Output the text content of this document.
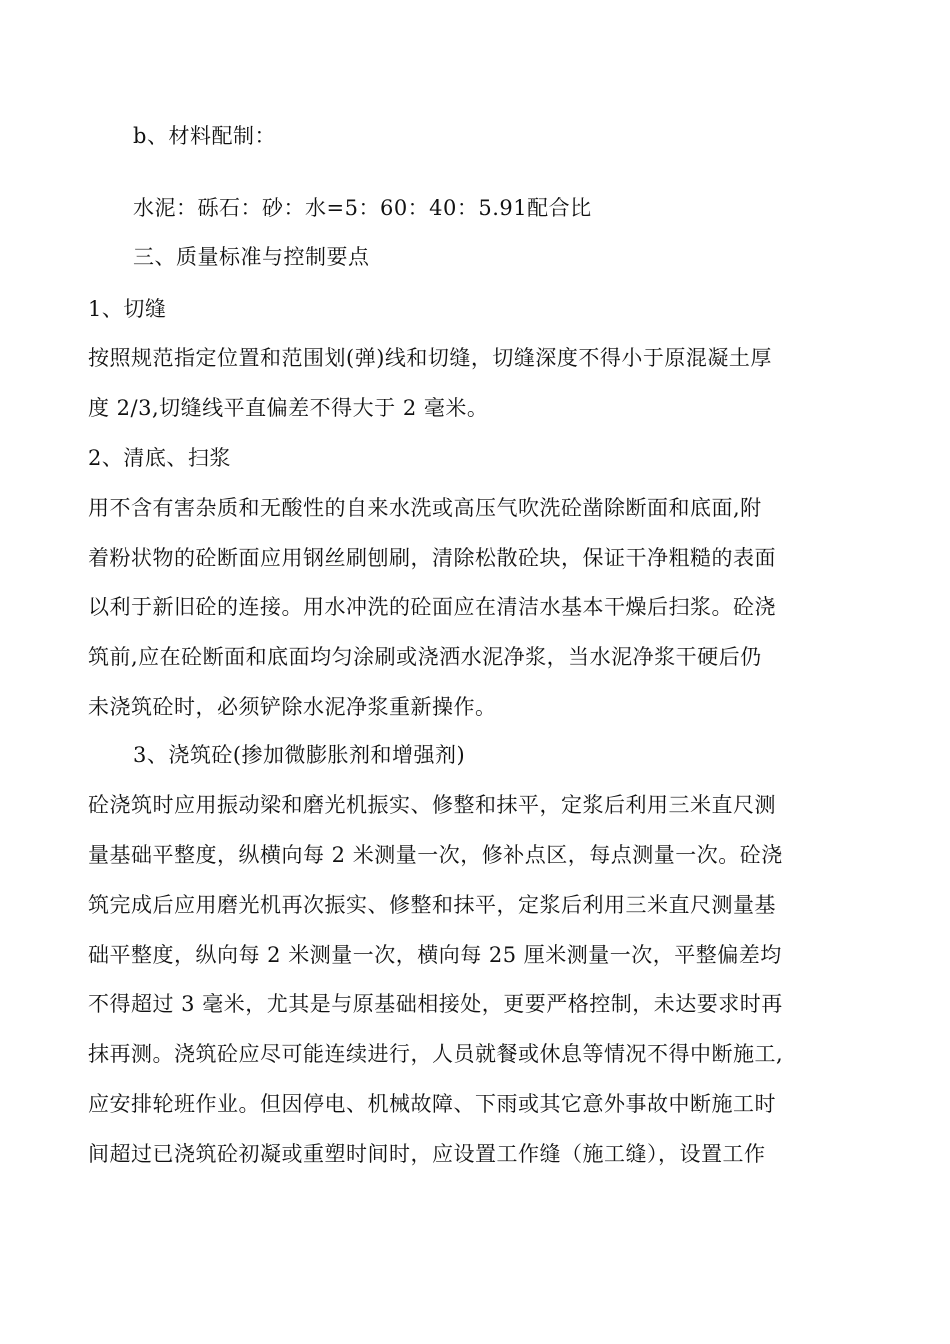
b、材料配制：
水泥：砾石：砂：水=5：60：40：5.91配合比
三、质量标准与控制要点
1、切缝
按照规范指定位置和范围划(弹)线和切缝，切缝深度不得小于原混凝土厚
度 2/3,切缝线平直偏差不得大于 2 毫米。
2、清底、扫浆
用不含有害杂质和无酸性的自来水洗或高压气吹洗砼凿除断面和底面,附
着粉状物的砼断面应用钢丝刷刨刷，清除松散砼块，保证干净粗糙的表面
以利于新旧砼的连接。用水冲洗的砼面应在清洁水基本干燥后扫浆。砼浇
筑前,应在砼断面和底面均匀涂刷或浇洒水泥净浆，当水泥净浆干硬后仍
未浇筑砼时，必须铲除水泥净浆重新操作。
3、浇筑砼(掺加微膨胀剂和增强剂)
砼浇筑时应用振动梁和磨光机振实、修整和抹平，定浆后利用三米直尺测
量基础平整度，纵横向每 2 米测量一次，修补点区，每点测量一次。砼浇
筑完成后应用磨光机再次振实、修整和抹平，定浆后利用三米直尺测量基
础平整度，纵向每 2 米测量一次，横向每 25 厘米测量一次，平整偏差均
不得超过 3 毫米，尤其是与原基础相接处，更要严格控制，未达要求时再
抹再测。浇筑砼应尽可能连续进行，人员就餐或休息等情况不得中断施工,
应安排轮班作业。但因停电、机械故障、下雨或其它意外事故中断施工时
间超过已浇筑砼初凝或重塑时间时，应设置工作缝（施工缝），设置工作
